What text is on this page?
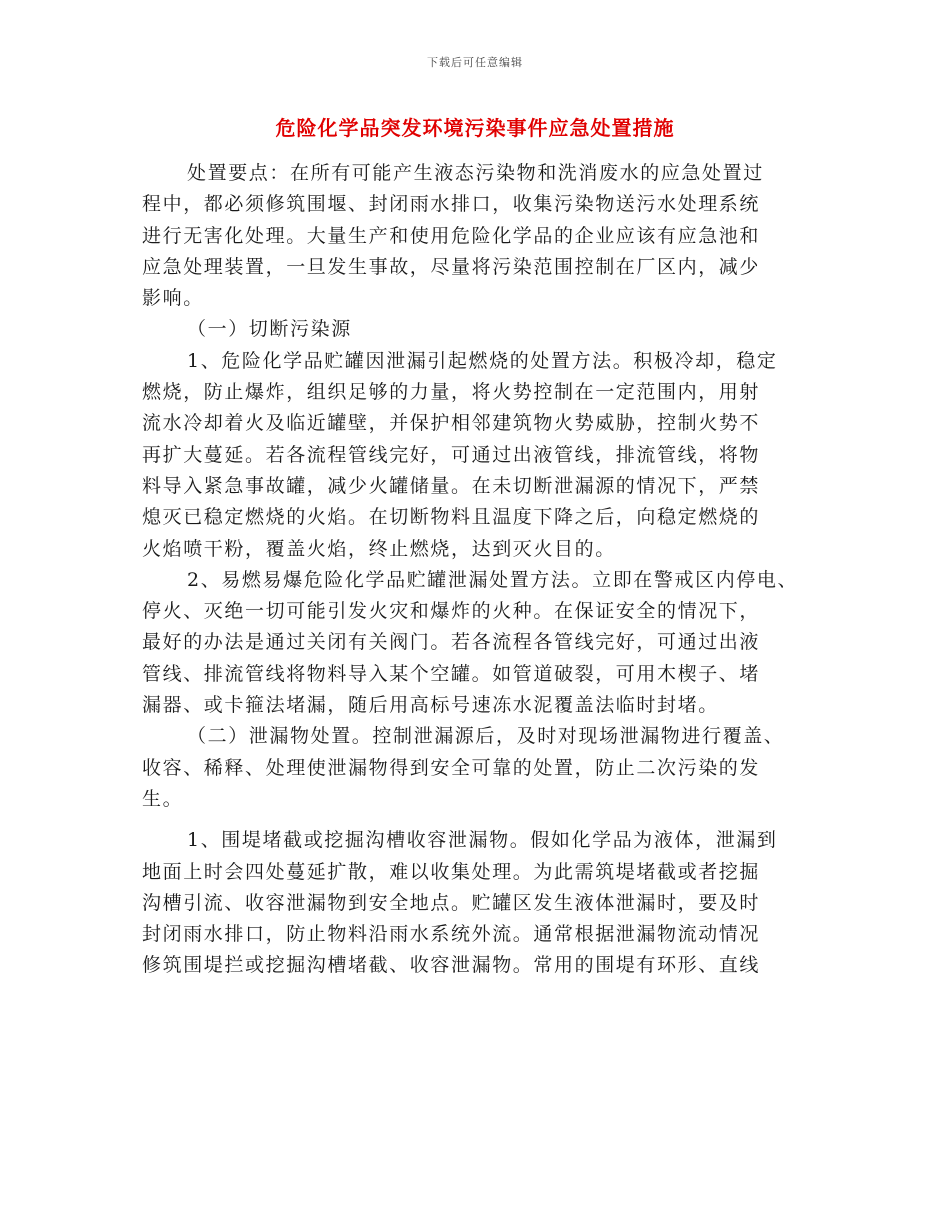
下载后可任意编辑
危险化学品突发环境污染事件应急处置措施

处置要点：在所有可能产生液态污染物和洗消废水的应急处置过
程中，都必须修筑围堰、封闭雨水排口，收集污染物送污水处理系统
进行无害化处理。大量生产和使用危险化学品的企业应该有应急池和
应急处理装置，一旦发生事故，尽量将污染范围控制在厂区内，减少
影响。

（一）切断污染源

1、危险化学品贮罐因泄漏引起燃烧的处置方法。积极冷却，稳定
燃烧，防止爆炸，组织足够的力量，将火势控制在一定范围内，用射
流水冷却着火及临近罐壁，并保护相邻建筑物火势威胁，控制火势不
再扩大蔓延。若各流程管线完好，可通过出液管线，排流管线，将物
料导入紧急事故罐，减少火罐储量。在未切断泄漏源的情况下，严禁
熄灭已稳定燃烧的火焰。在切断物料且温度下降之后，向稳定燃烧的
火焰喷干粉，覆盖火焰，终止燃烧，达到灭火目的。

2、易燃易爆危险化学品贮罐泄漏处置方法。立即在警戒区内停电、
停火、灭绝一切可能引发火灾和爆炸的火种。在保证安全的情况下，
最好的办法是通过关闭有关阀门。若各流程各管线完好，可通过出液
管线、排流管线将物料导入某个空罐。如管道破裂，可用木楔子、堵
漏器、或卡箍法堵漏，随后用高标号速冻水泥覆盖法临时封堵。

（二）泄漏物处置。控制泄漏源后，及时对现场泄漏物进行覆盖、
收容、稀释、处理使泄漏物得到安全可靠的处置，防止二次污染的发
生。

1、围堤堵截或挖掘沟槽收容泄漏物。假如化学品为液体，泄漏到
地面上时会四处蔓延扩散，难以收集处理。为此需筑堤堵截或者挖掘
沟槽引流、收容泄漏物到安全地点。贮罐区发生液体泄漏时，要及时
封闭雨水排口，防止物料沿雨水系统外流。通常根据泄漏物流动情况
修筑围堤拦或挖掘沟槽堵截、收容泄漏物。常用的围堤有环形、直线
